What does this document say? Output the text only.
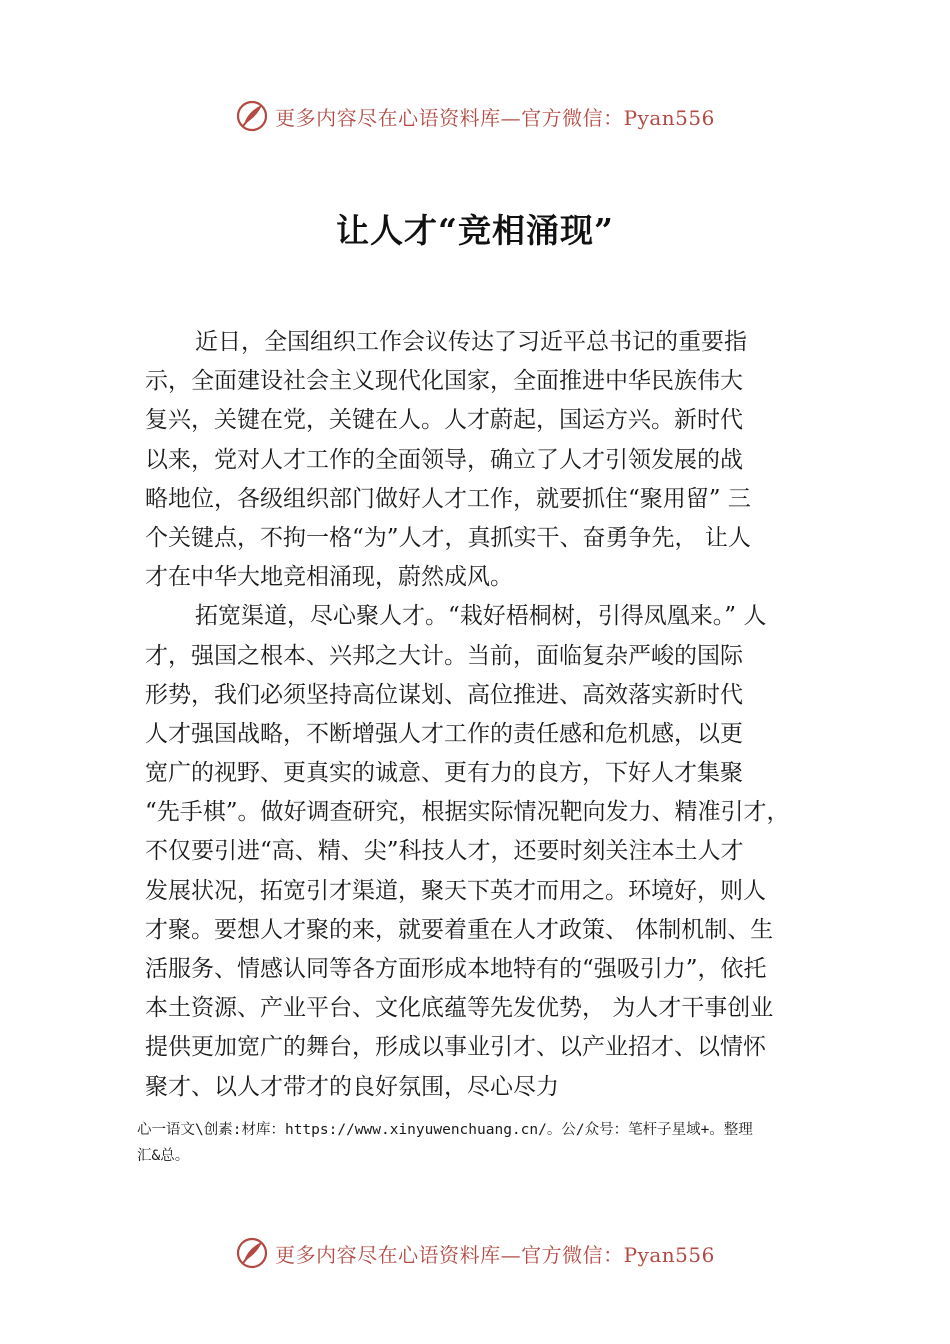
更多内容尽在心语资料库—官方微信：Pyan556
让人才“竞相涌现”
近日，全国组织工作会议传达了习近平总书记的重要指
示，全面建设社会主义现代化国家，全面推进中华民族伟大
复兴，关键在党，关键在人。人才蔚起，国运方兴。新时代
以来，党对人才工作的全面领导，确立了人才引领发展的战
略地位，各级组织部门做好人才工作，就要抓住“聚用留” 三
个关键点，不拘一格“为”人才，真抓实干、奋勇争先， 让人
才在中华大地竞相涌现，蔚然成风。
拓宽渠道，尽心聚人才。“栽好梧桐树，引得凤凰来。” 人
才，强国之根本、兴邦之大计。当前，面临复杂严峻的国际
形势，我们必须坚持高位谋划、高位推进、高效落实新时代
人才强国战略，不断增强人才工作的责任感和危机感，以更
宽广的视野、更真实的诚意、更有力的良方，下好人才集聚
“先手棋”。做好调查研究，根据实际情况靶向发力、精准引才，
不仅要引进“高、精、尖”科技人才，还要时刻关注本土人才
发展状况，拓宽引才渠道，聚天下英才而用之。环境好，则人
才聚。要想人才聚的来，就要着重在人才政策、 体制机制、生
活服务、情感认同等各方面形成本地特有的“强吸引力”，依托
本土资源、产业平台、文化底蕴等先发优势， 为人才干事创业
提供更加宽广的舞台，形成以事业引才、以产业招才、以情怀
聚才、以人才带才的良好氛围，尽心尽力
心一语文\创素:材库：https://www.xinyuwenchuang.cn/。公/众号：笔杆子星域+。整理
汇&总。
更多内容尽在心语资料库—官方微信：Pyan556
